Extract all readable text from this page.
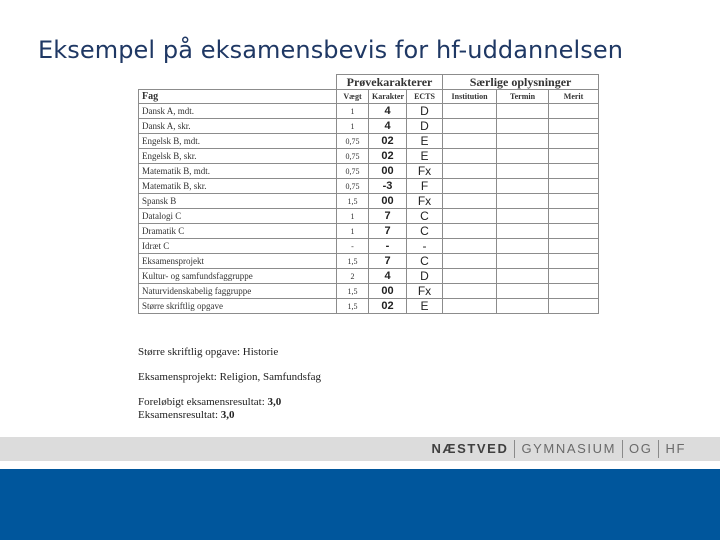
Eksempel på eksamensbevis for hf-uddannelsen
	Prøvekarakterer			Særlige oplysninger		
Fag	Vægt	Karakter	ECTS	Institution	Termin	Merit
Dansk A, mdt.	1	4	D			
Dansk A, skr.	1	4	D			
Engelsk B, mdt.	0,75	02	E			
Engelsk B, skr.	0,75	02	E			
Matematik B, mdt.	0,75	00	Fx			
Matematik B, skr.	0,75	-3	F			
Spansk B	1,5	00	Fx			
Datalogi C	1	7	C			
Dramatik C	1	7	C			
Idræt C	-	-	-			
Eksamensprojekt	1,5	7	C			
Kultur- og samfundsfaggruppe	2	4	D			
Naturvidenskabelig faggruppe	1,5	00	Fx			
Større skriftlig opgave	1,5	02	E			

Større skriftlig opgave: Historie

Eksamensprojekt: Religion, Samfundsfag

Foreløbigt eksamensresultat: 3,0

Eksamensresultat: 3,0

NÆSTVED	GYMNASIUM	OG	HF
